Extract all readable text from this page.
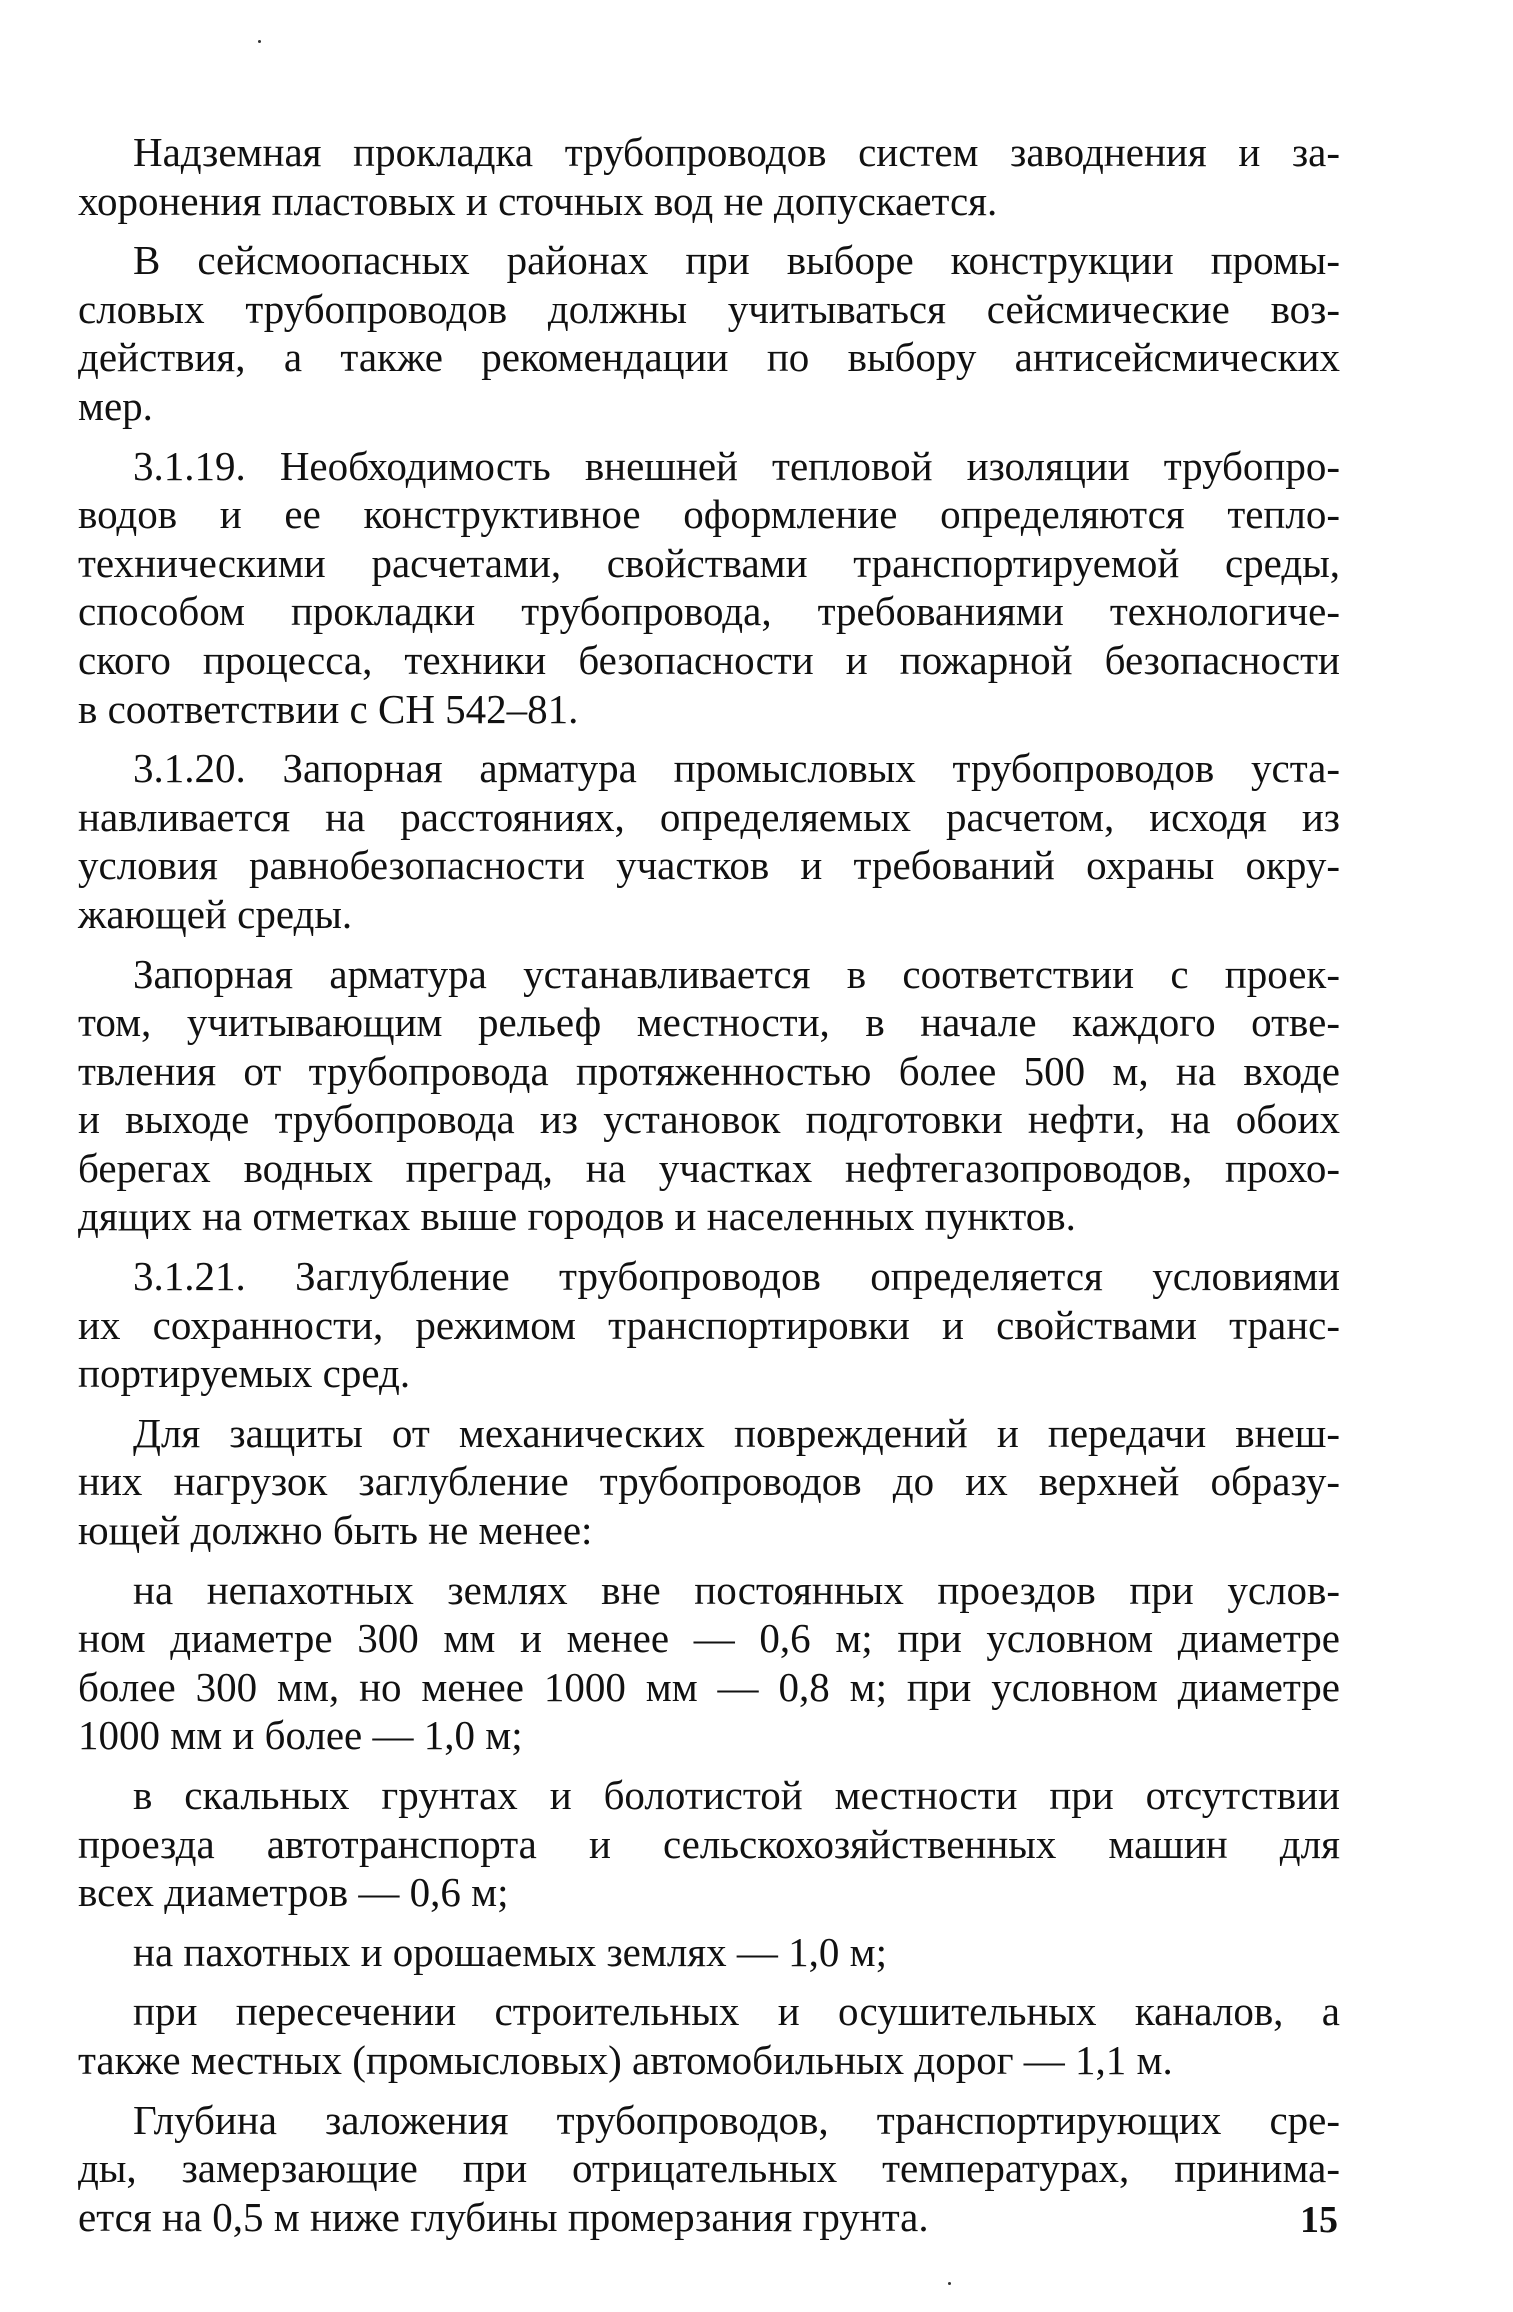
Надземная прокладка трубопроводов систем заводнения и за-
хоронения пластовых и сточных вод не допускается.

В сейсмоопасных районах при выборе конструкции промы-
словых трубопроводов должны учитываться сейсмические воз-
действия, а также рекомендации по выбору антисейсмических
мер.

3.1.19. Необходимость внешней тепловой изоляции трубопро-
водов и ее конструктивное оформление определяются тепло-
техническими расчетами, свойствами транспортируемой среды,
способом прокладки трубопровода, требованиями технологиче-
ского процесса, техники безопасности и пожарной безопасности
в соответствии с СН 542–81.

3.1.20. Запорная арматура промысловых трубопроводов уста-
навливается на расстояниях, определяемых расчетом, исходя из
условия равнобезопасности участков и требований охраны окру-
жающей среды.

Запорная арматура устанавливается в соответствии с проек-
том, учитывающим рельеф местности, в начале каждого отве-
твления от трубопровода протяженностью более 500 м, на входе
и выходе трубопровода из установок подготовки нефти, на обоих
берегах водных преград, на участках нефтегазопроводов, прохо-
дящих на отметках выше городов и населенных пунктов.

3.1.21. Заглубление трубопроводов определяется условиями
их сохранности, режимом транспортировки и свойствами транс-
портируемых сред.

Для защиты от механических повреждений и передачи внеш-
них нагрузок заглубление трубопроводов до их верхней образу-
ющей должно быть не менее:

на непахотных землях вне постоянных проездов при услов-
ном диаметре 300 мм и менее — 0,6 м; при условном диаметре
более 300 мм, но менее 1000 мм — 0,8 м; при условном диаметре
1000 мм и более — 1,0 м;

в скальных грунтах и болотистой местности при отсутствии
проезда автотранспорта и сельскохозяйственных машин для
всех диаметров — 0,6 м;

на пахотных и орошаемых землях — 1,0 м;

при пересечении строительных и осушительных каналов, а
также местных (промысловых) автомобильных дорог — 1,1 м.

Глубина заложения трубопроводов, транспортирующих сре-
ды, замерзающие при отрицательных температурах, принима-
ется на 0,5 м ниже глубины промерзания грунта.	15
